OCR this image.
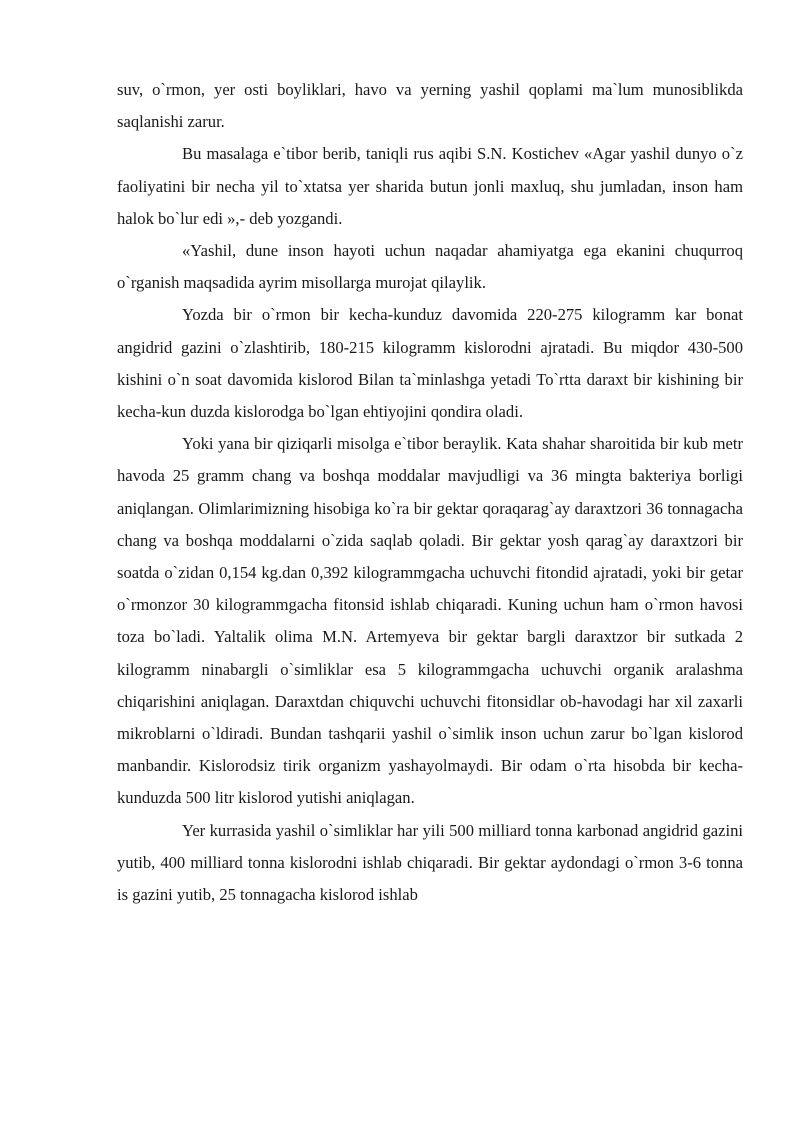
suv, o`rmon, yer osti boyliklari, havo va yerning yashil qoplami ma`lum munosiblikda saqlanishi zarur.

Bu masalaga e`tibor berib, taniqli rus aqibi S.N. Kostichev «Agar yashil dunyo o`z faoliyatini bir necha yil to`xtatsa yer sharida butun jonli maxluq, shu jumladan, inson ham halok bo`lur edi »,- deb yozgandi.

«Yashil, dune inson hayoti uchun naqadar ahamiyatga ega ekanini chuqurroq o`rganish maqsadida ayrim misollarga murojat qilaylik.

Yozda bir o`rmon bir kecha-kunduz davomida 220-275 kilogramm kar bonat angidrid gazini o`zlashtirib, 180-215 kilogramm kislorodni ajratadi. Bu miqdor 430-500 kishini o`n soat davomida kislorod Bilan ta`minlashga yetadi To`rtta daraxt bir kishining bir kecha-kun duzda kislorodga bo`lgan ehtiyojini qondira oladi.

Yoki yana bir qiziqarli misolga e`tibor beraylik. Kata shahar sharoitida bir kub metr havoda 25 gramm chang va boshqa moddalar mavjudligi va 36 mingta bakteriya borligi aniqlangan. Olimlarimizning hisobiga ko`ra bir gektar qoraqarag`ay daraxtzori 36 tonnagacha chang va boshqa moddalarni o`zida saqlab qoladi. Bir gektar yosh qarag`ay daraxtzori bir soatda o`zidan 0,154 kg.dan 0,392 kilogrammgacha uchuvchi fitondid ajratadi, yoki bir getar o`rmonzor 30 kilogrammgacha fitonsid ishlab chiqaradi. Kuning uchun ham o`rmon havosi toza bo`ladi. Yaltalik olima M.N. Artemyeva bir gektar bargli daraxtzor bir sutkada 2 kilogramm ninabargli o`simliklar esa 5 kilogrammgacha uchuvchi organik aralashma chiqarishini aniqlagan. Daraxtdan chiquvchi uchuvchi fitonsidlar ob-havodagi har xil zaxarli mikroblarni o`ldiradi. Bundan tashqarii yashil o`simlik inson uchun zarur bo`lgan kislorod manbandir. Kislorodsiz tirik organizm yashayolmaydi. Bir odam o`rta hisobda bir kecha-kunduzda 500 litr kislorod yutishi aniqlagan.

Yer kurrasida yashil o`simliklar har yili 500 milliard tonna karbonad angidrid gazini yutib, 400 milliard tonna kislorodni ishlab chiqaradi. Bir gektar aydondagi o`rmon 3-6 tonna is gazini yutib, 25 tonnagacha kislorod ishlab
